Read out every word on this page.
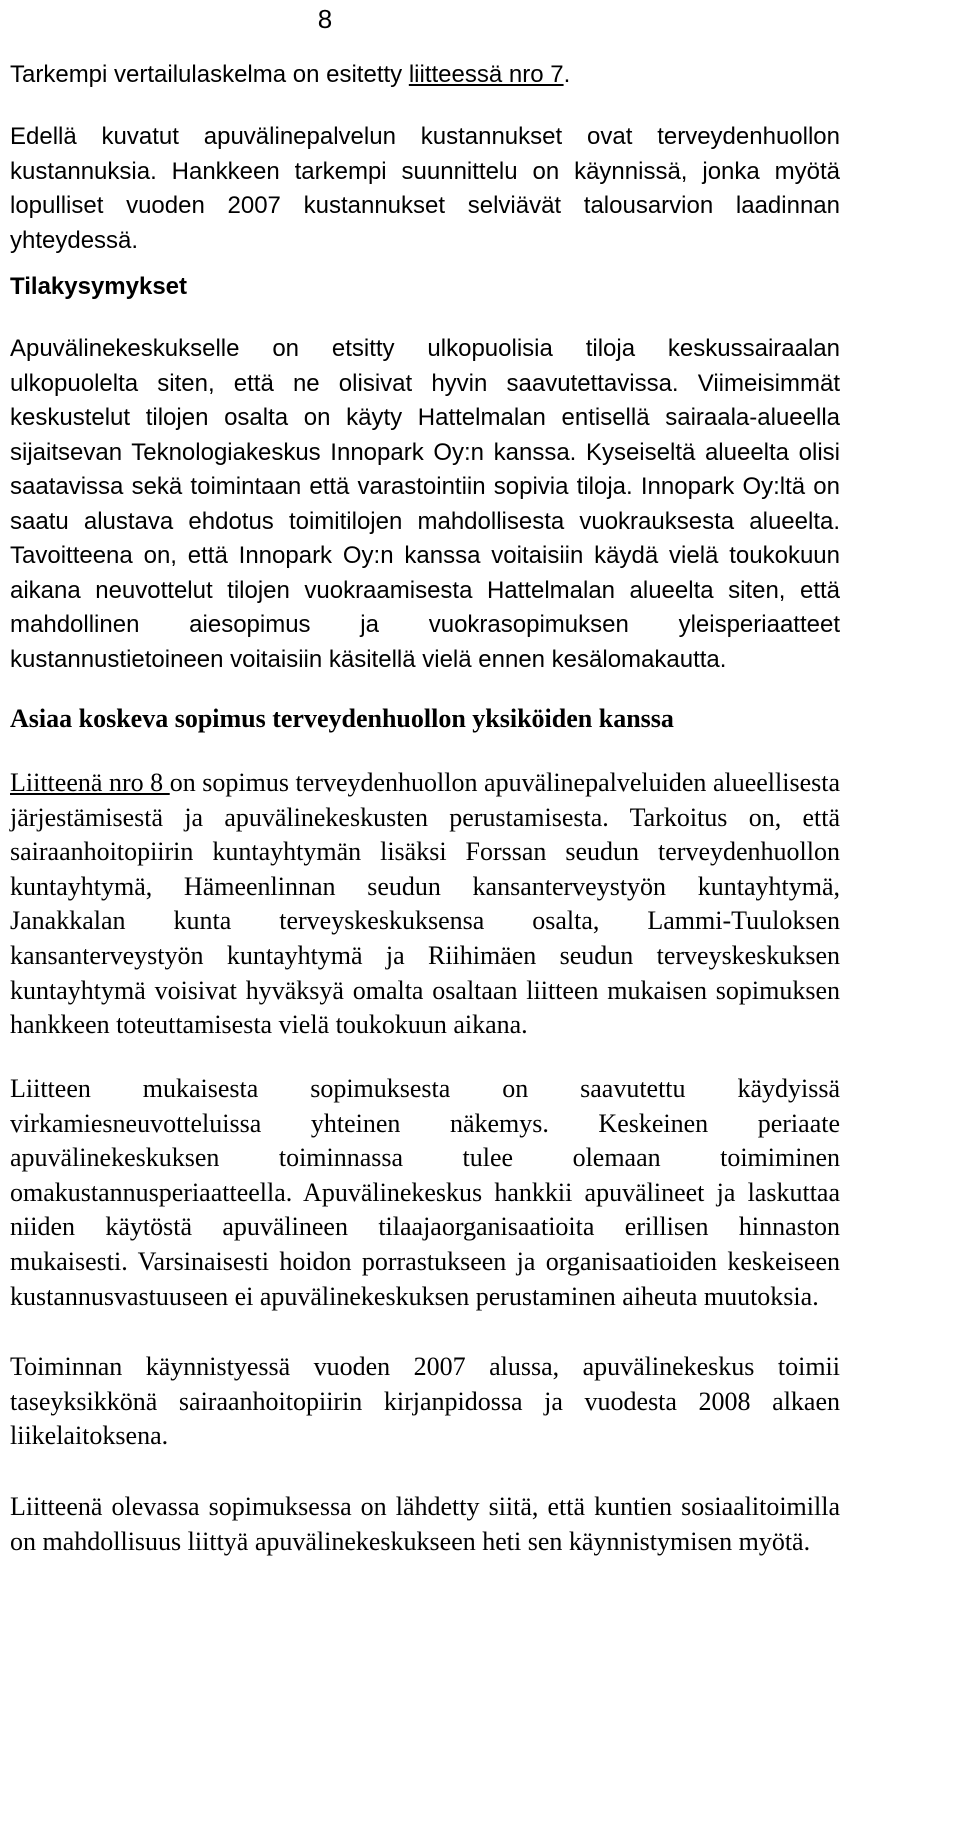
8

Tarkempi vertailulaskelma on esitetty liitteessä nro 7.

Edellä kuvatut apuvälinepalvelun kustannukset ovat terveydenhuollon kustannuksia. Hankkeen tarkempi suunnittelu on käynnissä, jonka myötä lopulliset vuoden 2007 kustannukset selviävät talousarvion laadinnan yhteydessä.

Tilakysymykset

Apuvälinekeskukselle on etsitty ulkopuolisia tiloja keskussairaalan ulkopuolelta siten, että ne olisivat hyvin saavutettavissa. Viimeisimmät keskustelut tilojen osalta on käyty Hattelmalan entisellä sairaala-alueella sijaitsevan Teknologiakeskus Innopark Oy:n kanssa. Kyseiseltä alueelta olisi saatavissa sekä toimintaan että varastointiin sopivia tiloja. Innopark Oy:ltä on saatu alustava ehdotus toimitilojen mahdollisesta vuokrauksesta alueelta. Tavoitteena on, että Innopark Oy:n kanssa voitaisiin käydä vielä toukokuun aikana neuvottelut tilojen vuokraamisesta Hattelmalan alueelta siten, että mahdollinen aiesopimus ja vuokrasopimuksen yleisperiaatteet kustannustietoineen voitaisiin käsitellä vielä ennen kesälomakautta.

Asiaa koskeva sopimus terveydenhuollon yksiköiden kanssa

Liitteenä nro 8 on sopimus terveydenhuollon apuvälinepalveluiden alueellisesta järjestämisestä ja apuvälinekeskusten perustamisesta. Tarkoitus on, että sairaanhoitopiirin kuntayhtymän lisäksi Forssan seudun terveydenhuollon kuntayhtymä, Hämeenlinnan seudun kansanterveystyön kuntayhtymä, Janakkalan kunta terveyskeskuksensa osalta, Lammi-Tuuloksen kansanterveystyön kuntayhtymä ja Riihimäen seudun terveyskeskuksen kuntayhtymä voisivat hyväksyä omalta osaltaan liitteen mukaisen sopimuksen hankkeen toteuttamisesta vielä toukokuun aikana.

Liitteen mukaisesta sopimuksesta on saavutettu käydyissä virkamiesneuvotteluissa yhteinen näkemys. Keskeinen periaate apuvälinekeskuksen toiminnassa tulee olemaan toimiminen omakustannusperiaatteella. Apuvälinekeskus hankkii apuvälineet ja laskuttaa niiden käytöstä apuvälineen tilaajaorganisaatioita erillisen hinnaston mukaisesti. Varsinaisesti hoidon porrastukseen ja organisaatioiden keskeiseen kustannusvastuuseen ei apuvälinekeskuksen perustaminen aiheuta muutoksia.

Toiminnan käynnistyessä vuoden 2007 alussa, apuvälinekeskus toimii taseyksikkönä sairaanhoitopiirin kirjanpidossa ja vuodesta 2008 alkaen liikelaitoksena.

Liitteenä olevassa sopimuksessa on lähdetty siitä, että kuntien sosiaalitoimilla on mahdollisuus liittyä apuvälinekeskukseen heti sen käynnistymisen myötä.
